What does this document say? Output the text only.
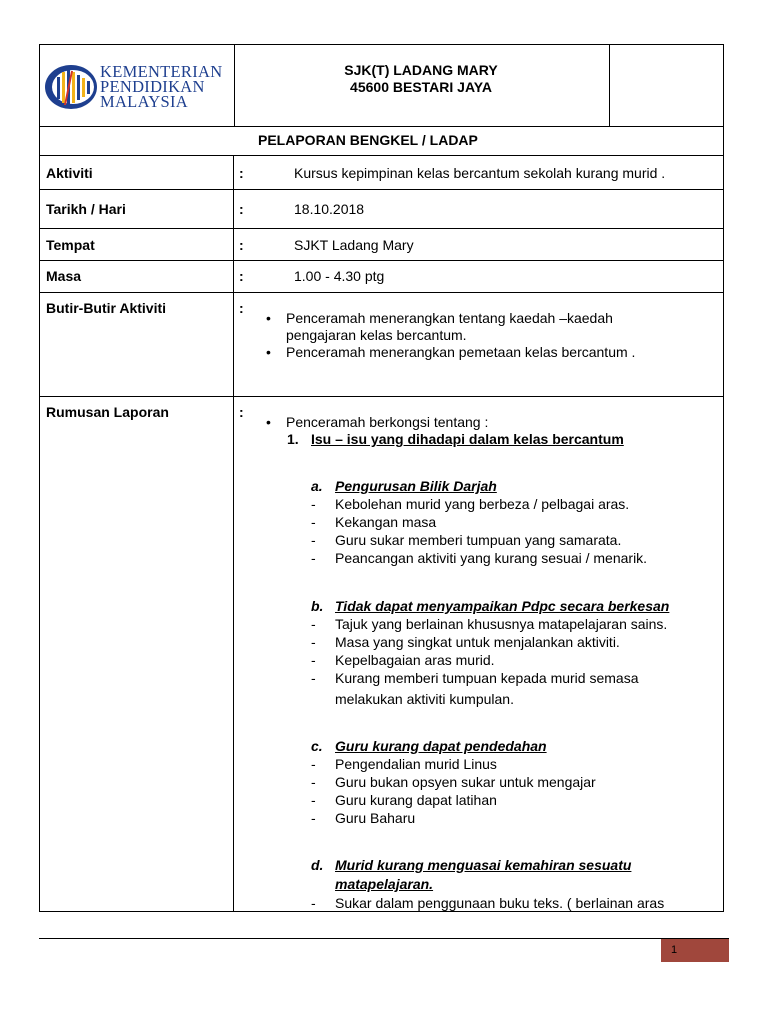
KEMENTERIAN
PENDIDIKAN
MALAYSIA
SJK(T) LADANG MARY
45600 BESTARI JAYA
PELAPORAN BENGKEL / LADAP
Aktiviti	:	Kursus kepimpinan kelas bercantum sekolah kurang murid .
Tarikh / Hari	:	18.10.2018
Tempat	:	SJKT Ladang Mary
Masa	:	1.00 - 4.30 ptg
Butir-Butir Aktiviti	:
• Penceramah menerangkan tentang kaedah –kaedah pengajaran kelas bercantum.
• Penceramah menerangkan pemetaan kelas bercantum .
Rumusan Laporan	:
• Penceramah berkongsi tentang :
1. Isu – isu yang dihadapi dalam kelas bercantum
a. Pengurusan Bilik Darjah
- Kebolehan murid yang berbeza / pelbagai aras.
- Kekangan masa
- Guru sukar memberi tumpuan yang samarata.
- Peancangan aktiviti yang kurang sesuai / menarik.
b. Tidak dapat menyampaikan Pdpc secara berkesan
- Tajuk yang berlainan khususnya matapelajaran sains.
- Masa yang singkat untuk menjalankan aktiviti.
- Kepelbagaian aras murid.
- Kurang memberi tumpuan kepada murid semasa
melakukan aktiviti kumpulan.
c. Guru kurang dapat pendedahan
- Pengendalian murid Linus
- Guru bukan opsyen sukar untuk mengajar
- Guru kurang dapat latihan
- Guru Baharu
d. Murid kurang menguasai kemahiran sesuatu
matapelajaran.
- Sukar dalam penggunaan buku teks. ( berlainan aras
1
